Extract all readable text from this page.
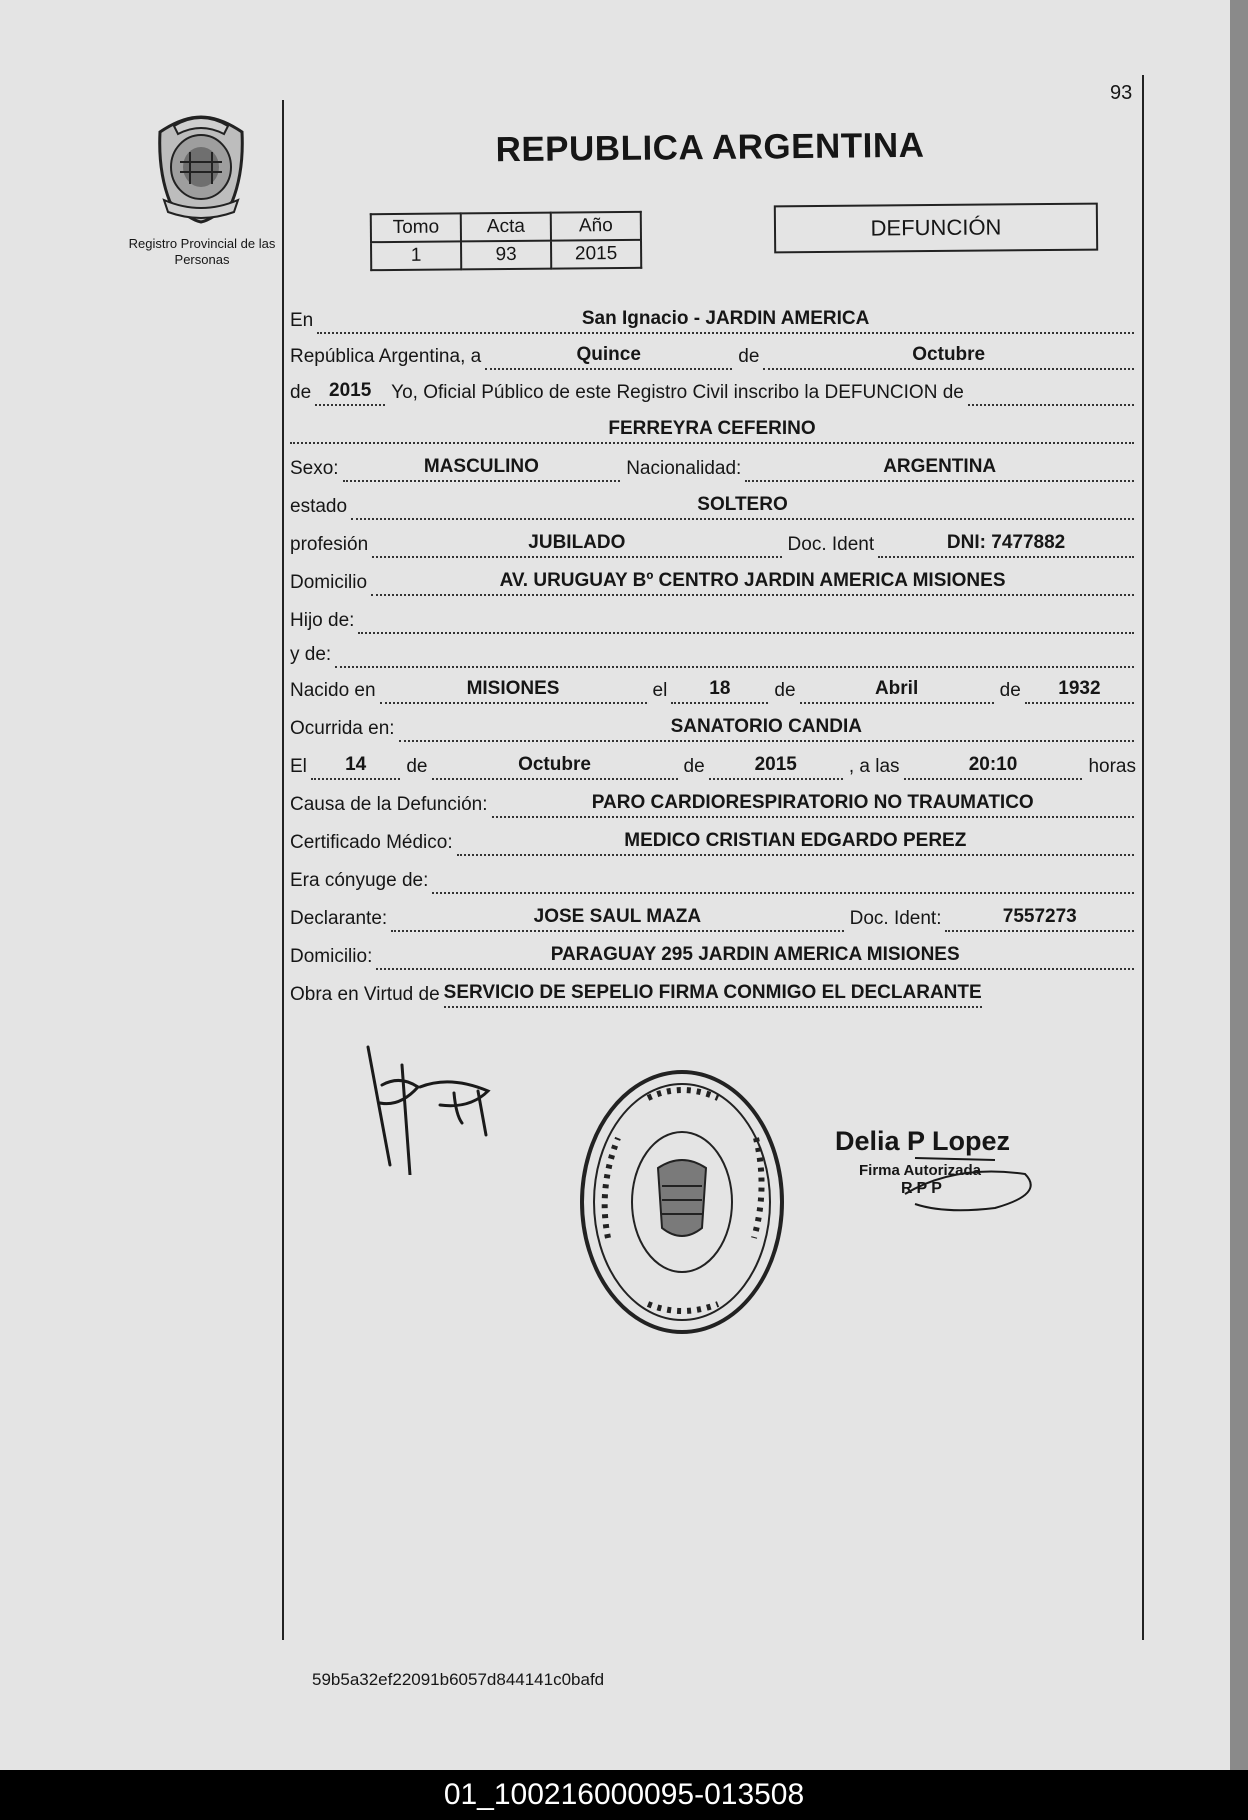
93
Registro Provincial de las Personas
REPUBLICA ARGENTINA
Tomo	Acta	Año
1	93	2015
DEFUNCIÓN
En	San Ignacio - JARDIN AMERICA
República Argentina, a	Quince	de	Octubre
de 2015	Yo, Oficial Público de este Registro Civil inscribo la DEFUNCION de
FERREYRA CEFERINO
Sexo:	MASCULINO	Nacionalidad:	ARGENTINA
estado	SOLTERO
profesión	JUBILADO	Doc. Ident	DNI: 7477882
Domicilio	AV. URUGUAY Bº CENTRO JARDIN AMERICA MISIONES
Hijo de:
y de:
Nacido en	MISIONES	el	18	de	Abril	de	1932
Ocurrida en:	SANATORIO CANDIA
El	14	de	Octubre	de	2015	, a las	20:10	horas
Causa de la Defunción:	PARO CARDIORESPIRATORIO NO TRAUMATICO
Certificado Médico:	MEDICO CRISTIAN EDGARDO PEREZ
Era cónyuge de:
Declarante:	JOSE SAUL MAZA	Doc. Ident:	7557273
Domicilio:	PARAGUAY 295 JARDIN AMERICA MISIONES
Obra en Virtud de SERVICIO DE SEPELIO FIRMA CONMIGO EL DECLARANTE
Delia P Lopez
Firma Autorizada
RPP
59b5a32ef22091b6057d844141c0bafd
01_100216000095-013508
